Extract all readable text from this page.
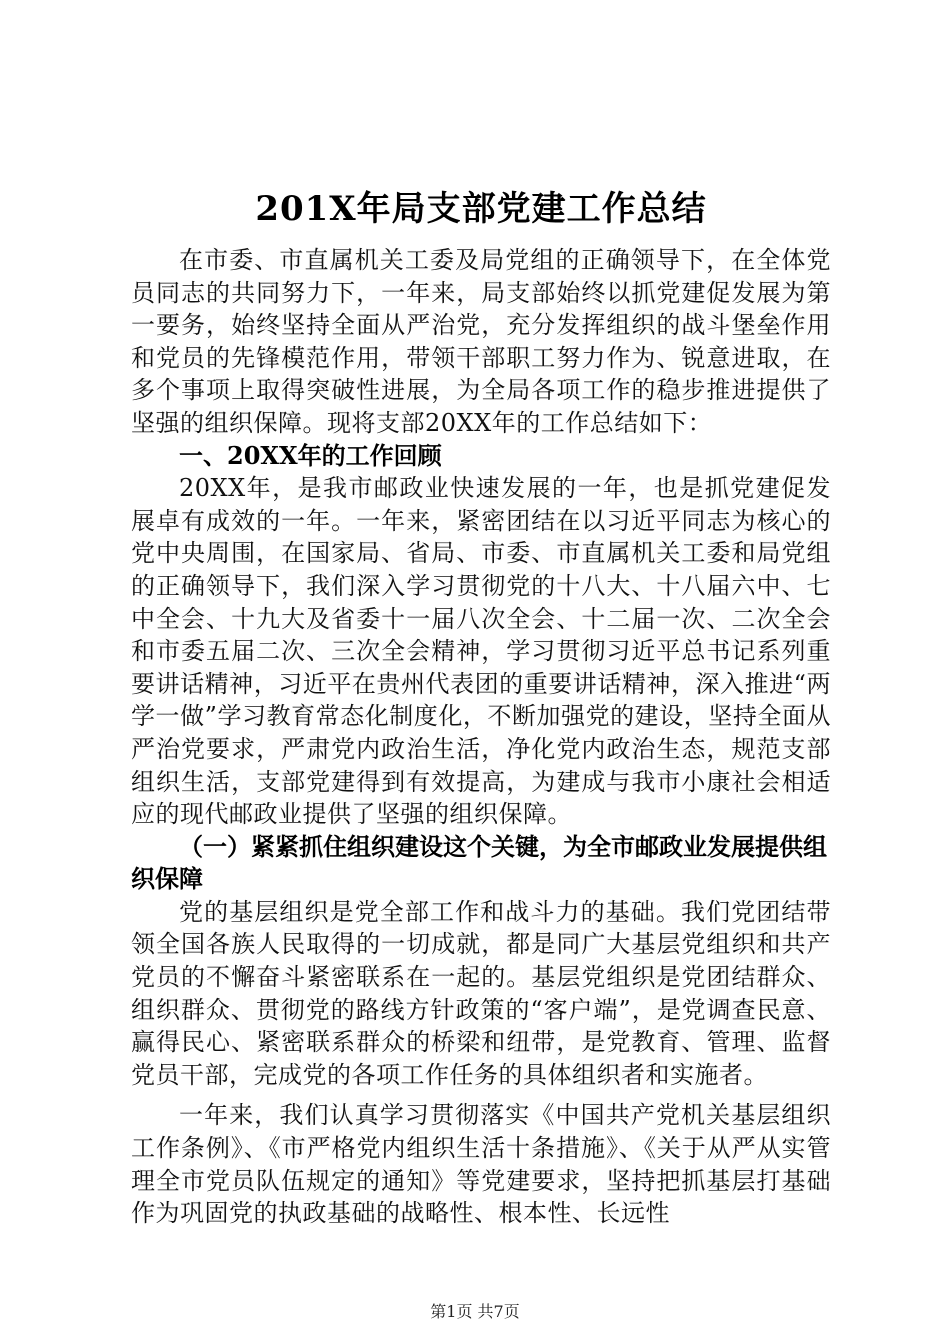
201X年局支部党建工作总结

在市委、市直属机关工委及局党组的正确领导下，在全体党员同志的共同努力下，一年来，局支部始终以抓党建促发展为第一要务，始终坚持全面从严治党，充分发挥组织的战斗堡垒作用和党员的先锋模范作用，带领干部职工努力作为、锐意进取，在多个事项上取得突破性进展，为全局各项工作的稳步推进提供了坚强的组织保障。现将支部20XX年的工作总结如下：

一、20XX年的工作回顾

20XX年，是我市邮政业快速发展的一年，也是抓党建促发展卓有成效的一年。一年来，紧密团结在以习近平同志为核心的党中央周围，在国家局、省局、市委、市直属机关工委和局党组的正确领导下，我们深入学习贯彻党的十八大、十八届六中、七中全会、十九大及省委十一届八次全会、十二届一次、二次全会和市委五届二次、三次全会精神，学习贯彻习近平总书记系列重要讲话精神，习近平在贵州代表团的重要讲话精神，深入推进“两学一做”学习教育常态化制度化，不断加强党的建设，坚持全面从严治党要求，严肃党内政治生活，净化党内政治生态，规范支部组织生活，支部党建得到有效提高，为建成与我市小康社会相适应的现代邮政业提供了坚强的组织保障。

（一）紧紧抓住组织建设这个关键，为全市邮政业发展提供组织保障

党的基层组织是党全部工作和战斗力的基础。我们党团结带领全国各族人民取得的一切成就，都是同广大基层党组织和共产党员的不懈奋斗紧密联系在一起的。基层党组织是党团结群众、组织群众、贯彻党的路线方针政策的“客户端”，是党调查民意、赢得民心、紧密联系群众的桥梁和纽带，是党教育、管理、监督党员干部，完成党的各项工作任务的具体组织者和实施者。

一年来，我们认真学习贯彻落实《中国共产党机关基层组织工作条例》、《市严格党内组织生活十条措施》、《关于从严从实管理全市党员队伍规定的通知》等党建要求，坚持把抓基层打基础作为巩固党的执政基础的战略性、根本性、长远性

第1页 共7页
